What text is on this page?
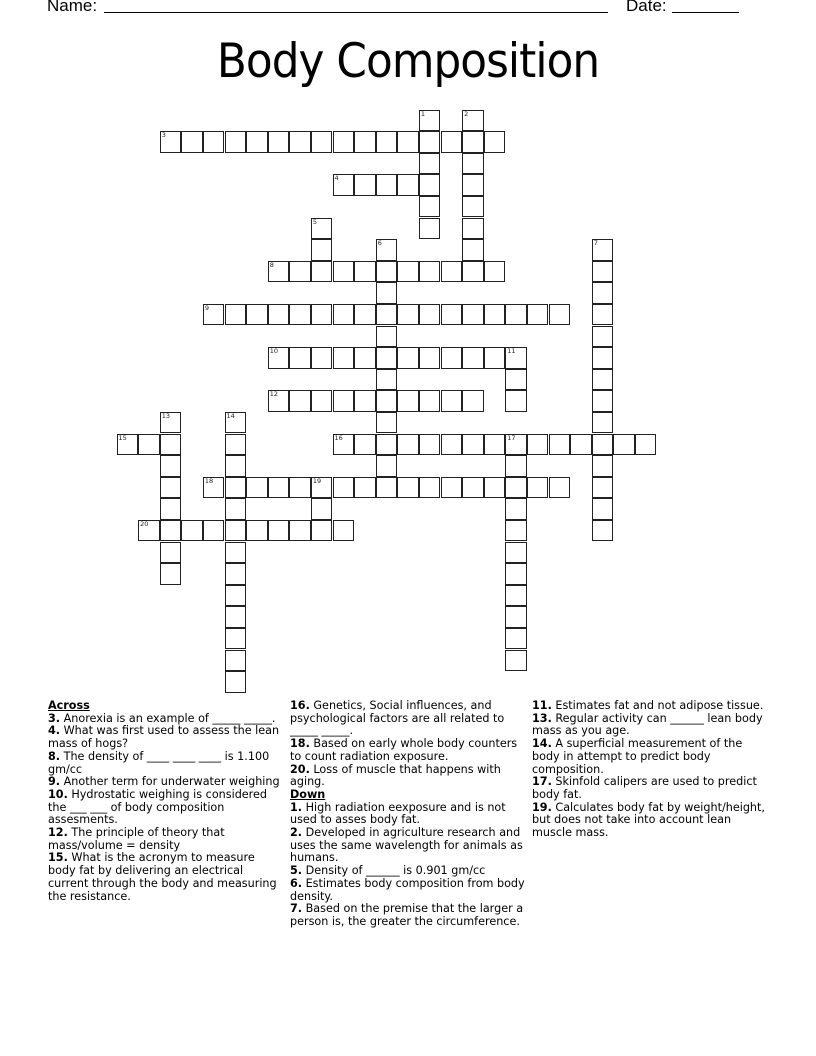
Name:	Date:
Body Composition
1	2
3
4
5
6	7
8
9
10	11
12
13	14
15	16	17
18	19
20

Across

3. Anorexia is an example of _____ _____.

4. What was first used to assess the lean mass of hogs?

8. The density of ____ ____ ____ is 1.100 gm/cc

9. Another term for underwater weighing

10. Hydrostatic weighing is considered the ___ ___ of body composition assesments.

12. The principle of theory that mass/volume = density

15. What is the acronym to measure body fat by delivering an electrical current through the body and measuring the resistance.

16. Genetics, Social influences, and psychological factors are all related to _____ _____.

18. Based on early whole body counters to count radiation exposure.

20. Loss of muscle that happens with aging.

Down

1. High radiation eexposure and is not used to asses body fat.

2. Developed in agriculture research and uses the same wavelength for animals as humans.

5. Density of ______ is 0.901 gm/cc

6. Estimates body composition from body density.

7. Based on the premise that the larger a person is, the greater the circumference.

11. Estimates fat and not adipose tissue.

13. Regular activity can ______ lean body mass as you age.

14. A superficial measurement of the body in attempt to predict body composition.

17. Skinfold calipers are used to predict body fat.

19. Calculates body fat by weight/height, but does not take into account lean muscle mass.
